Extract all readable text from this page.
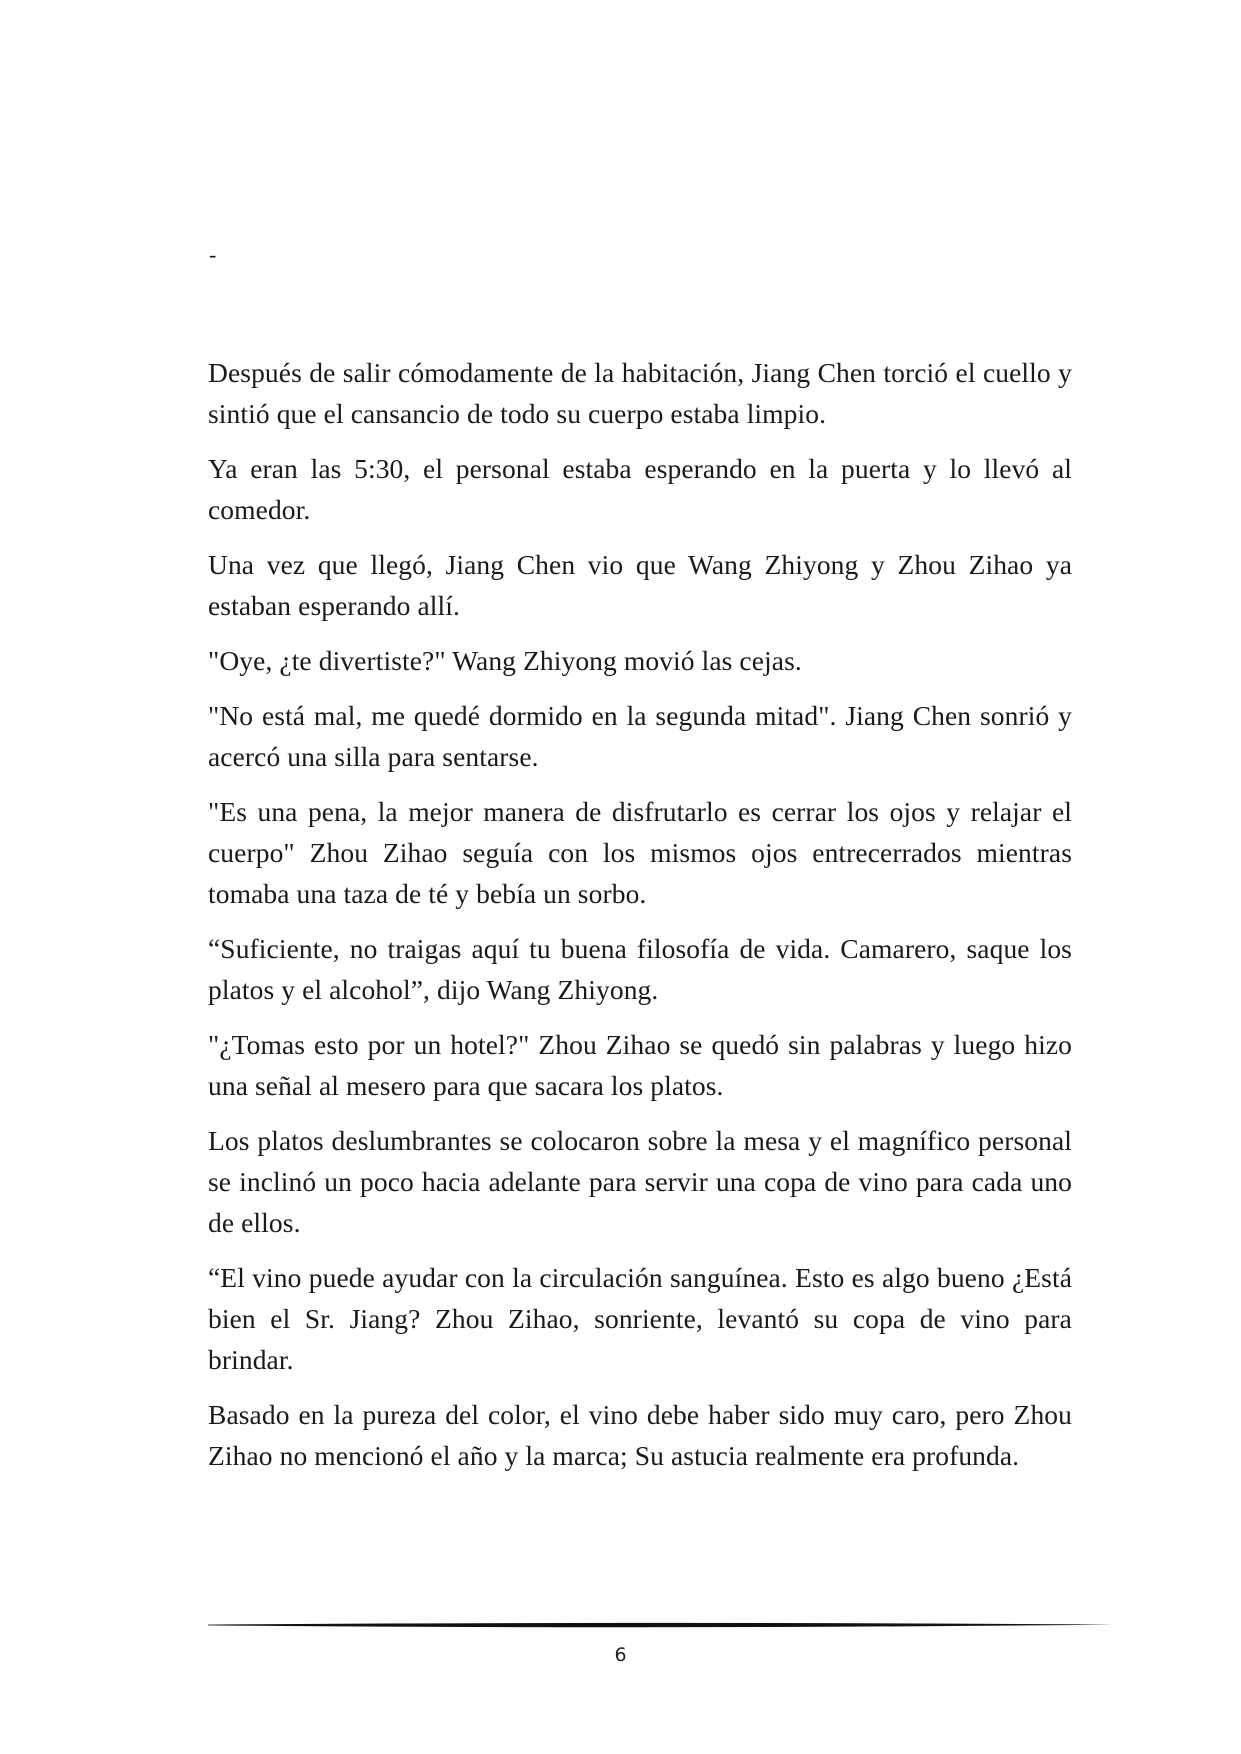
-

Después de salir cómodamente de la habitación, Jiang Chen torció el cuello y sintió que el cansancio de todo su cuerpo estaba limpio.

Ya eran las 5:30, el personal estaba esperando en la puerta y lo llevó al comedor.

Una vez que llegó, Jiang Chen vio que Wang Zhiyong y Zhou Zihao ya estaban esperando allí.

"Oye, ¿te divertiste?" Wang Zhiyong movió las cejas.

"No está mal, me quedé dormido en la segunda mitad". Jiang Chen sonrió y acercó una silla para sentarse.

"Es una pena, la mejor manera de disfrutarlo es cerrar los ojos y relajar el cuerpo" Zhou Zihao seguía con los mismos ojos entrecerrados mientras tomaba una taza de té y bebía un sorbo.

“Suficiente, no traigas aquí tu buena filosofía de vida. Camarero, saque los platos y el alcohol”, dijo Wang Zhiyong.

"¿Tomas esto por un hotel?" Zhou Zihao se quedó sin palabras y luego hizo una señal al mesero para que sacara los platos.

Los platos deslumbrantes se colocaron sobre la mesa y el magnífico personal se inclinó un poco hacia adelante para servir una copa de vino para cada uno de ellos.

“El vino puede ayudar con la circulación sanguínea. Esto es algo bueno ¿Está bien el Sr. Jiang? Zhou Zihao, sonriente, levantó su copa de vino para brindar.

Basado en la pureza del color, el vino debe haber sido muy caro, pero Zhou Zihao no mencionó el año y la marca; Su astucia realmente era profunda.

6
